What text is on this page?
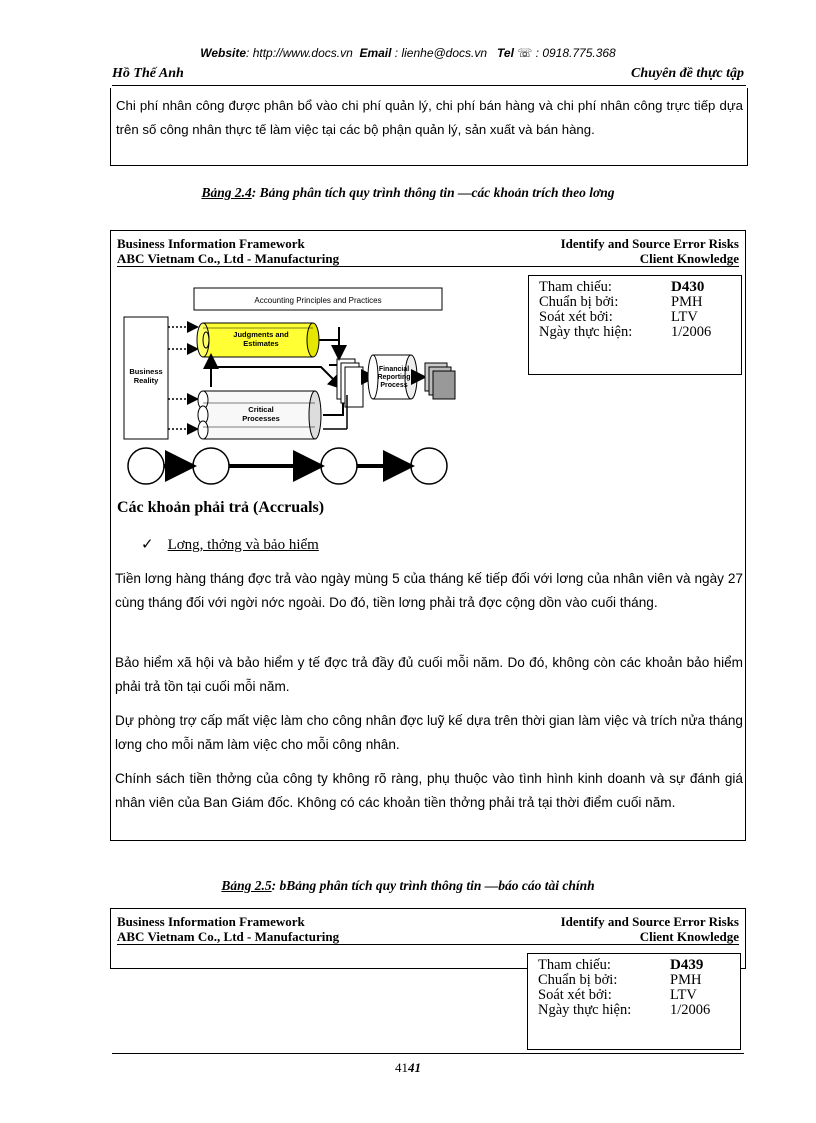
Website: http://www.docs.vn Email : lienhe@docs.vn Tel ☏ : 0918.775.368
Hồ Thế Anh	Chuyên đề thực tập
Chi phí nhân công được phân bổ vào chi phí quản lý, chi phí bán hàng và chi phí nhân công trực tiếp dựa trên số công nhân thực tế làm việc tại các bộ phận quản lý, sản xuất và bán hàng.
Bảng 2.4: Bảng phân tích quy trình thông tin —các khoản trích theo lơng
Business Information Framework
ABC Vietnam Co., Ltd - Manufacturing
Identify and Source Error Risks
Client Knowledge
Tham chiếu:	D430
Chuẩn bị bởi:	PMH
Soát xét bởi:	LTV
Ngày thực hiện:	1/2006
Accounting Principles and Practices
Business
Reality
Judgments and
Estimates
Critical
Processes
Financial
Reporting
Process
Các khoản phải trả (Accruals)
✓ Lơng, thởng và bảo hiểm
Tiền lơng hàng tháng đợc trả vào ngày mùng 5 của tháng kế tiếp đối với lơng của nhân viên và ngày 27 cùng tháng đối với ngời nớc ngoài. Do đó, tiền lơng phải trả đợc cộng dồn vào cuối tháng.
Bảo hiểm xã hội và bảo hiểm y tế đợc trả đầy đủ cuối mỗi năm. Do đó, không còn các khoản bảo hiểm phải trả tồn tại cuối mỗi năm.
Dự phòng trợ cấp mất việc làm cho công nhân đợc luỹ kế dựa trên thời gian làm việc và trích nửa tháng lơng cho mỗi năm làm việc cho mỗi công nhân.
Chính sách tiền thởng của công ty không rõ ràng, phụ thuộc vào tình hình kinh doanh và sự đánh giá nhân viên của Ban Giám đốc. Không có các khoản tiền thởng phải trả tại thời điểm cuối năm.
Bảng 2.5: bBảng phân tích quy trình thông tin —báo cáo tài chính
Business Information Framework
ABC Vietnam Co., Ltd - Manufacturing
Identify and Source Error Risks
Client Knowledge
Tham chiếu:	D439
Chuẩn bị bởi:	PMH
Soát xét bởi:	LTV
Ngày thực hiện:	1/2006
4141
